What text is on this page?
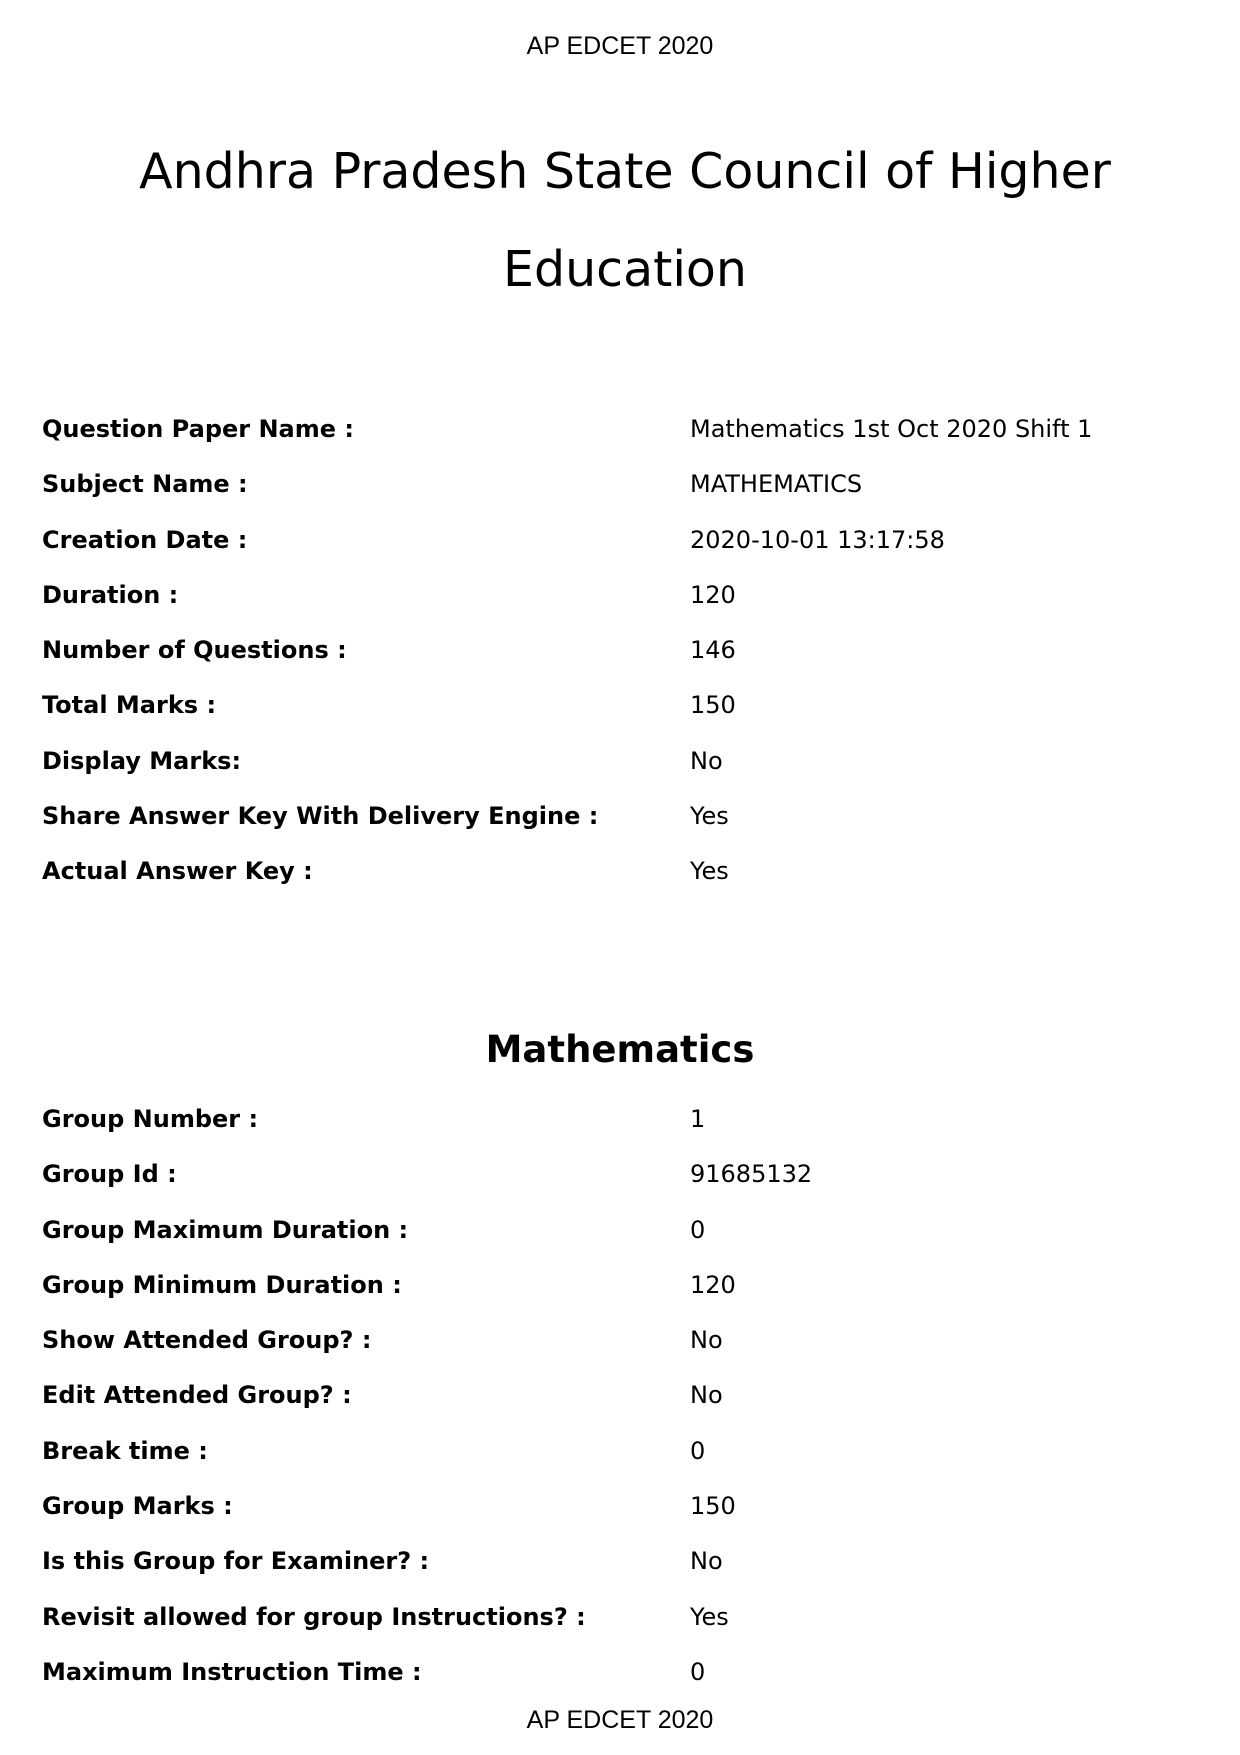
AP EDCET 2020
Andhra Pradesh State Council of Higher Education
Question Paper Name :	Mathematics 1st Oct 2020 Shift 1
Subject Name :	MATHEMATICS
Creation Date :	2020-10-01 13:17:58
Duration :	120
Number of Questions :	146
Total Marks :	150
Display Marks:	No
Share Answer Key With Delivery Engine :	Yes
Actual Answer Key :	Yes
Mathematics
Group Number :	1
Group Id :	91685132
Group Maximum Duration :	0
Group Minimum Duration :	120
Show Attended Group? :	No
Edit Attended Group? :	No
Break time :	0
Group Marks :	150
Is this Group for Examiner? :	No
Revisit allowed for group Instructions? :	Yes
Maximum Instruction Time :	0
AP EDCET 2020
